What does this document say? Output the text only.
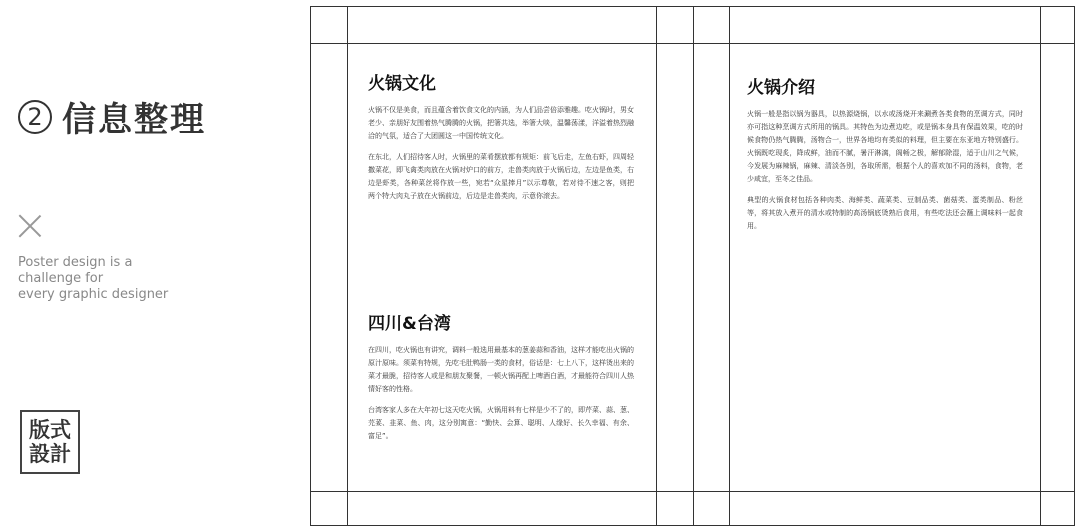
2 信息整理
Poster design is a
challenge for
every graphic designer
版式
設計
火锅文化

火锅不仅是美食，而且蕴含着饮食文化的内涵，为人们品尝倍添雅趣。吃火锅时，男女老少、亲朋好友围着热气腾腾的火锅，把箸共选，举箸大啖，温馨荡漾，洋溢着热烈融洽的气氛，适合了大团圆这一中国传统文化。

在东北，人们招待客人时，火锅里的菜肴摆放都有规矩：前飞后走，左鱼右虾，四周轻撒菜花，即飞禽类肉放在火锅对炉口的前方，走兽类肉放于火锅后边，左边是鱼类，右边是虾类，各种菜丝将作放一些，宛若“众星捧月”以示尊敬，若对待不速之客，则把两个特大肉丸子放在火锅前边，后边是走兽类肉，示意你滚去。

四川&台湾

在四川，吃火锅也有讲究，调料一般选用最基本的葱姜蒜和香油，这样才能吃出火锅的原汁原味。须菜有特规，先吃毛肚鸭肠一类的食材，俗话是：七上八下，这样烫出来的菜才最脆，招待客人或是和朋友聚餐，一顿火锅再配上啤酒白酒，才最能符合四川人热情好客的性格。

台湾客家人多在大年初七这天吃火锅，火锅用料有七样是少不了的，即芹菜、蒜、葱、芫荽、韭菜、鱼、肉，这分别寓意：“勤快、会算、聪明、人缘好、长久幸福、有余、富足”。

火锅介绍

火锅一般是指以锅为器具，以热源烧锅，以水或汤烧开来涮煮各类食物的烹调方式，同时亦可指这种烹调方式所用的锅具。其特色为边煮边吃，或是锅本身具有保温效果，吃的时候食物仍热气腾腾，汤物合一，世界各地均有类似的料理，但主要在东亚地方特别盛行。火锅既吃现炙，降成鲜，油而不腻，暑汗淋漓，阁畅之极，解郁除湿，适于山川之气候，今发展为麻辣锅，麻辣、清淡各别，各取所需，根据个人的喜欢加不同的汤料，食物，老少咸宜，至冬之佳品。

典型的火锅食材包括各种肉类、海鲜类、蔬菜类、豆制品类、菌菇类、蛋类制品、粉丝等，将其放入煮开的清水或特制的高汤锅底烫熟后食用，有些吃法还会蘸上调味料一起食用。
